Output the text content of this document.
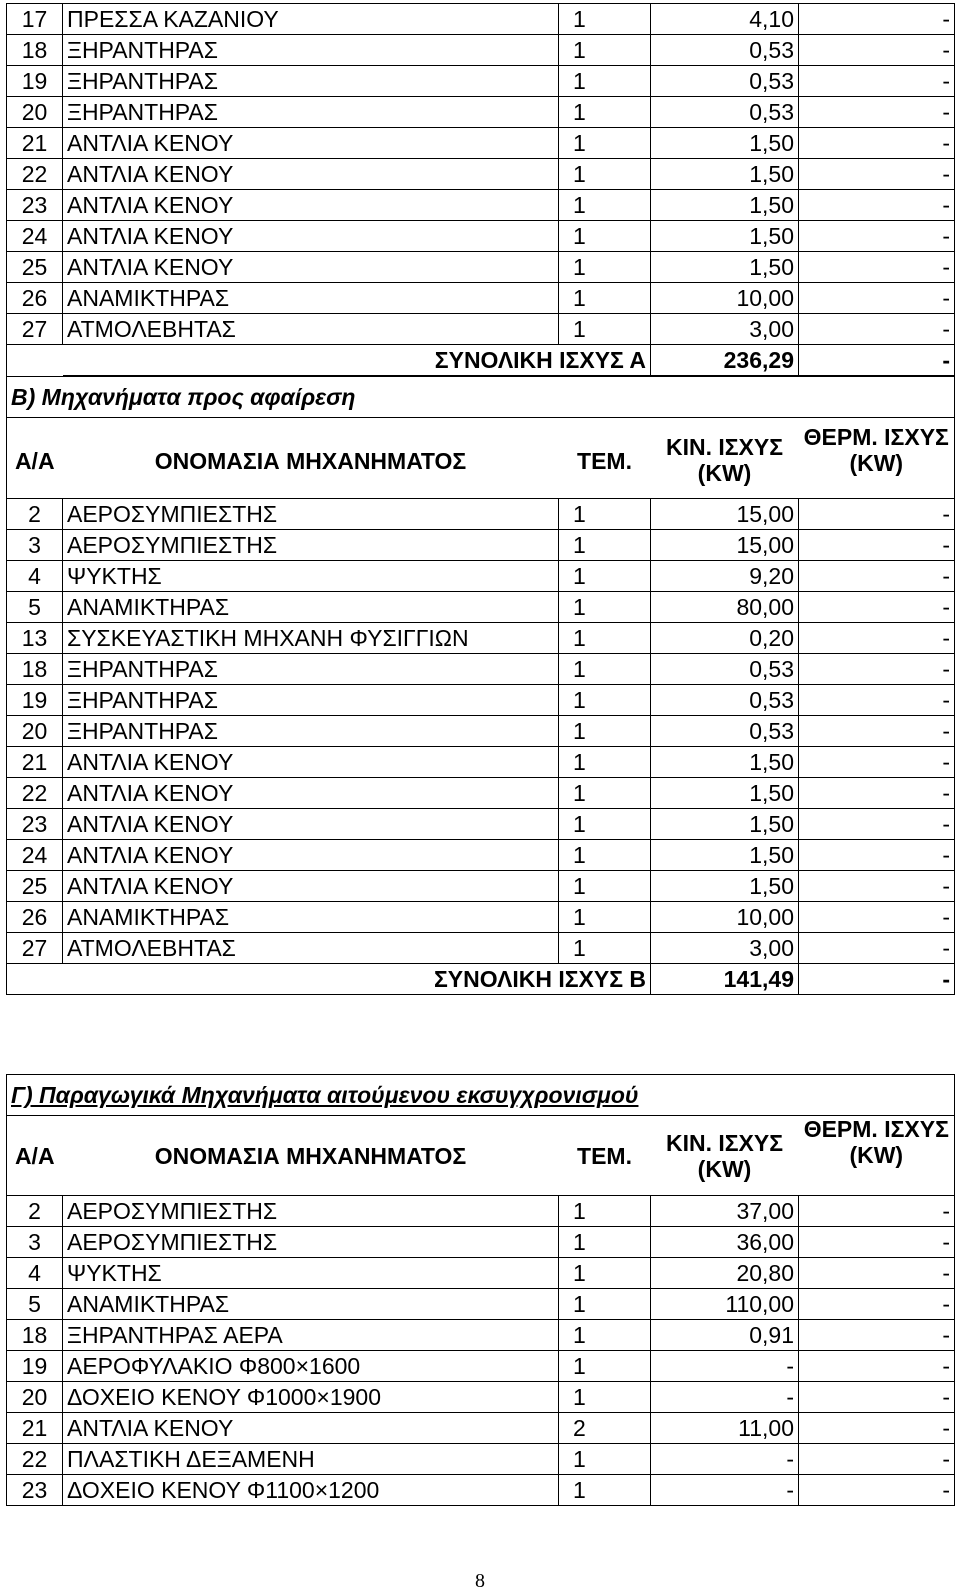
17	ΠΡΕΣΣΑ ΚΑΖΑΝΙΟΥ	1	4,10	-
18	ΞΗΡΑΝΤΗΡΑΣ	1	0,53	-
19	ΞΗΡΑΝΤΗΡΑΣ	1	0,53	-
20	ΞΗΡΑΝΤΗΡΑΣ	1	0,53	-
21	ΑΝΤΛΙΑ ΚΕΝΟΥ	1	1,50	-
22	ΑΝΤΛΙΑ ΚΕΝΟΥ	1	1,50	-
23	ΑΝΤΛΙΑ ΚΕΝΟΥ	1	1,50	-
24	ΑΝΤΛΙΑ ΚΕΝΟΥ	1	1,50	-
25	ΑΝΤΛΙΑ ΚΕΝΟΥ	1	1,50	-
26	ΑΝΑΜΙΚΤΗΡΑΣ	1	10,00	-
27	ΑΤΜΟΛΕΒΗΤΑΣ	1	3,00	-
	ΣΥΝΟΛΙΚΗ ΙΣΧΥΣ Α		236,29	-
Β) Μηχανήματα προς αφαίρεση				

Α/Α	ΟΝΟΜΑΣΙΑ ΜΗΧΑΝΗΜΑΤΟΣ	ΤΕΜ.	ΚΙΝ. ΙΣΧΥΣ (KW)	ΘΕΡΜ. ΙΣΧΥΣ (KW)
2	ΑΕΡΟΣΥΜΠΙΕΣΤΗΣ	1	15,00	-
3	ΑΕΡΟΣΥΜΠΙΕΣΤΗΣ	1	15,00	-
4	ΨΥΚΤΗΣ	1	9,20	-
5	ΑΝΑΜΙΚΤΗΡΑΣ	1	80,00	-
13	ΣΥΣΚΕΥΑΣΤΙΚΗ ΜΗΧΑΝΗ ΦΥΣΙΓΓΙΩΝ	1	0,20	-
18	ΞΗΡΑΝΤΗΡΑΣ	1	0,53	-
19	ΞΗΡΑΝΤΗΡΑΣ	1	0,53	-
20	ΞΗΡΑΝΤΗΡΑΣ	1	0,53	-
21	ΑΝΤΛΙΑ ΚΕΝΟΥ	1	1,50	-
22	ΑΝΤΛΙΑ ΚΕΝΟΥ	1	1,50	-
23	ΑΝΤΛΙΑ ΚΕΝΟΥ	1	1,50	-
24	ΑΝΤΛΙΑ ΚΕΝΟΥ	1	1,50	-
25	ΑΝΤΛΙΑ ΚΕΝΟΥ	1	1,50	-
26	ΑΝΑΜΙΚΤΗΡΑΣ	1	10,00	-
27	ΑΤΜΟΛΕΒΗΤΑΣ	1	3,00	-
	ΣΥΝΟΛΙΚΗ ΙΣΧΥΣ Β		141,49	-
Γ) Παραγωγικά Μηχανήματα αιτούμενου εκσυγχρονισμού				
Α/Α	ΟΝΟΜΑΣΙΑ ΜΗΧΑΝΗΜΑΤΟΣ	ΤΕΜ.	ΚΙΝ. ΙΣΧΥΣ (KW)	ΘΕΡΜ. ΙΣΧΥΣ (KW)
2	ΑΕΡΟΣΥΜΠΙΕΣΤΗΣ	1	37,00	-
3	ΑΕΡΟΣΥΜΠΙΕΣΤΗΣ	1	36,00	-
4	ΨΥΚΤΗΣ	1	20,80	-
5	ΑΝΑΜΙΚΤΗΡΑΣ	1	110,00	-
18	ΞΗΡΑΝΤΗΡΑΣ ΑΕΡΑ	1	0,91	-
19	ΑΕΡΟΦΥΛΑΚΙΟ Φ800×1600	1	-	-
20	ΔΟΧΕΙΟ ΚΕΝΟΥ Φ1000×1900	1	-	-
21	ΑΝΤΛΙΑ ΚΕΝΟΥ	2	11,00	-
22	ΠΛΑΣΤΙΚΗ ΔΕΞΑΜΕΝΗ	1	-	-
23	ΔΟΧΕΙΟ ΚΕΝΟΥ Φ1100×1200	1	-	-
8
